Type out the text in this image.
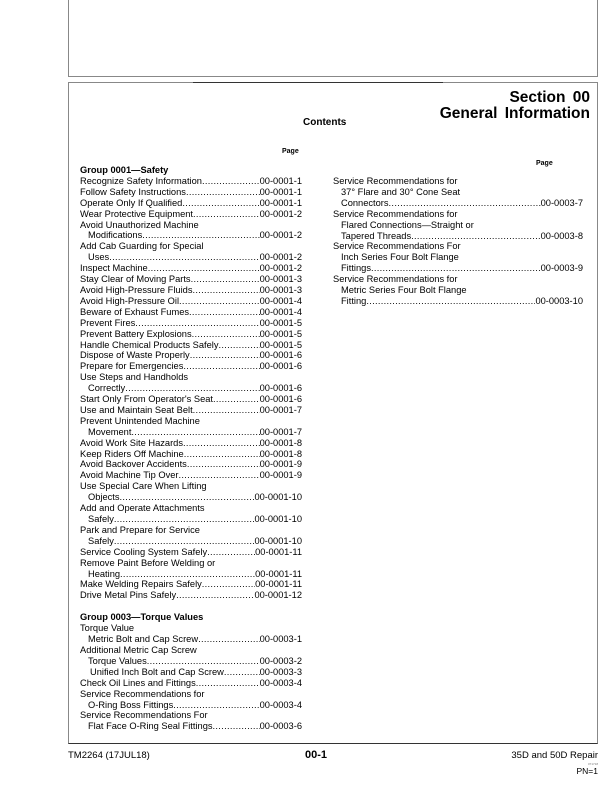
Section 00
General Information
Contents
Page
Page
Group 0001—Safety
Recognize Safety Information .....	00-0001-1
Follow Safety Instructions .....	00-0001-1
Operate Only If Qualified .....	00-0001-1
Wear Protective Equipment .....	00-0001-2
Avoid Unauthorized Machine
Modifications .....	00-0001-2
Add Cab Guarding for Special
Uses .....	00-0001-2
Inspect Machine .....	00-0001-2
Stay Clear of Moving Parts .....	00-0001-3
Avoid High-Pressure Fluids .....	00-0001-3
Avoid High-Pressure Oil .....	00-0001-4
Beware of Exhaust Fumes .....	00-0001-4
Prevent Fires .....	00-0001-5
Prevent Battery Explosions .....	00-0001-5
Handle Chemical Products Safely .....	00-0001-5
Dispose of Waste Properly .....	00-0001-6
Prepare for Emergencies .....	00-0001-6
Use Steps and Handholds
Correctly .....	00-0001-6
Start Only From Operator's Seat .....	00-0001-6
Use and Maintain Seat Belt .....	00-0001-7
Prevent Unintended Machine
Movement .....	00-0001-7
Avoid Work Site Hazards .....	00-0001-8
Keep Riders Off Machine .....	00-0001-8
Avoid Backover Accidents .....	00-0001-9
Avoid Machine Tip Over .....	00-0001-9
Use Special Care When Lifting
Objects .....	00-0001-10
Add and Operate Attachments
Safely .....	00-0001-10
Park and Prepare for Service
Safely .....	00-0001-10
Service Cooling System Safely .....	00-0001-11
Remove Paint Before Welding or
Heating .....	00-0001-11
Make Welding Repairs Safely .....	00-0001-11
Drive Metal Pins Safely .....	00-0001-12
Group 0003—Torque Values
Torque Value
Metric Bolt and Cap Screw .....	00-0003-1
Additional Metric Cap Screw
Torque Values .....	00-0003-2
Unified Inch Bolt and Cap Screw .....	00-0003-3
Check Oil Lines and Fittings .....	00-0003-4
Service Recommendations for
O-Ring Boss Fittings .....	00-0003-4
Service Recommendations For
Flat Face O-Ring Seal Fittings .....	00-0003-6
Service Recommendations for
37° Flare and 30° Cone Seat
Connectors .....	00-0003-7
Service Recommendations for
Flared Connections—Straight or
Tapered Threads .....	00-0003-8
Service Recommendations For
Inch Series Four Bolt Flange
Fittings .....	00-0003-9
Service Recommendations for
Metric Series Four Bolt Flange
Fitting .....	00-0003-10
TM2264 (17JUL18)	00-1	35D and 50D Repair
071718
PN=1
